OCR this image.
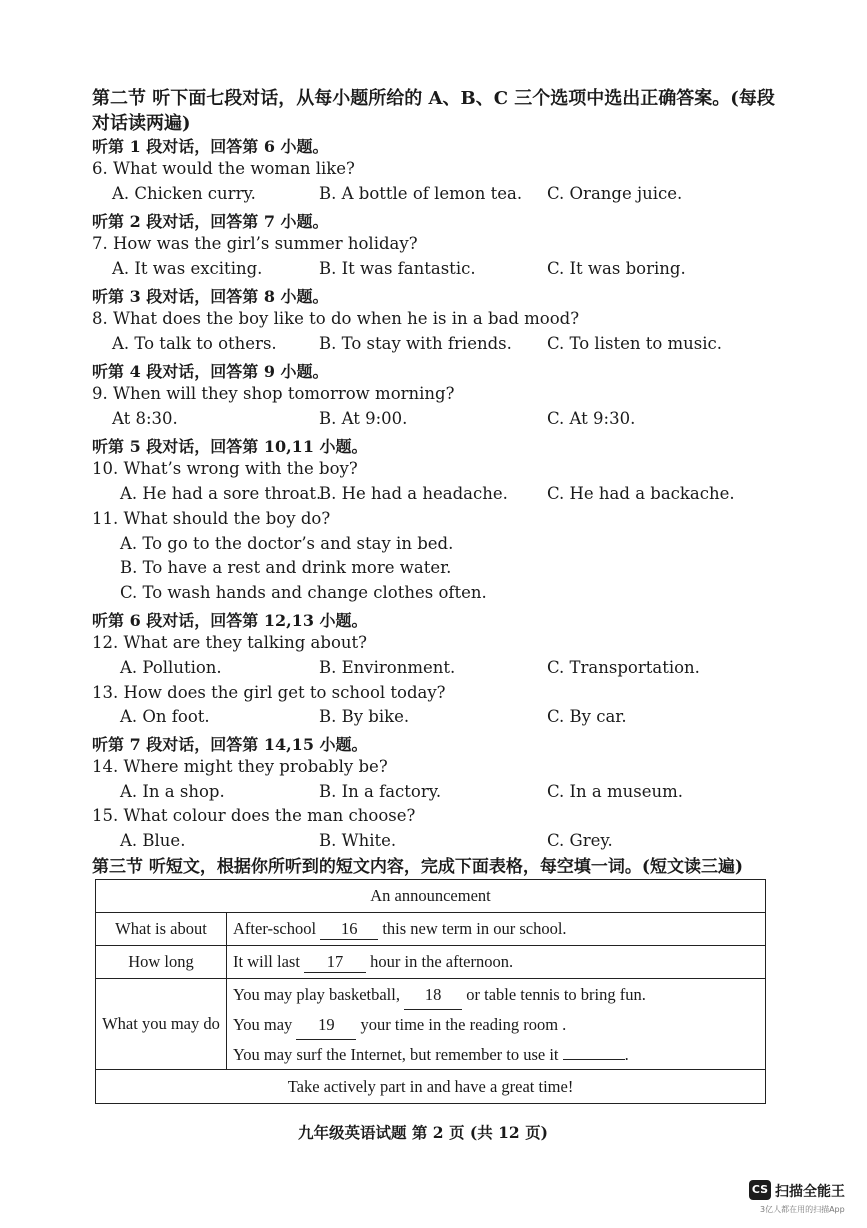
第二节 听下面七段对话，从每小题所给的 A、B、C 三个选项中选出正确答案。(每段
对话读两遍)
听第 1 段对话，回答第 6 小题。
6. What would the woman like?
A. Chicken curry.	B. A bottle of lemon tea. C. Orange juice.
听第 2 段对话，回答第 7 小题。
7. How was the girl’s summer holiday?
A. It was exciting.	B. It was fantastic.	C. It was boring.
听第 3 段对话，回答第 8 小题。
8. What does the boy like to do when he is in a bad mood?
A. To talk to others.	B. To stay with friends. C. To listen to music.
听第 4 段对话，回答第 9 小题。
9. When will they shop tomorrow morning?
At 8:30.	B. At 9:00.	C. At 9:30.
听第 5 段对话，回答第 10,11 小题。
10. What’s wrong with the boy?
A. He had a sore throat.
B. He had a headache. C. He had a backache.
11. What should the boy do?
A. To go to the doctor’s and stay in bed.
B. To have a rest and drink more water.
C. To wash hands and change clothes often.
听第 6 段对话，回答第 12,13 小题。
12. What are they talking about?
A. Pollution.	B. Environment.	C. Transportation.
13. How does the girl get to school today?
A. On foot.	B. By bike.	C. By car.
听第 7 段对话，回答第 14,15 小题。
14. Where might they probably be?
A. In a shop.	B. In a factory.	C. In a museum.
15. What colour does the man choose?
A. Blue.	B. White.	C. Grey.
第三节 听短文，根据你所听到的短文内容，完成下面表格，每空填一词。(短文读三遍)
An announcement	
What is about	After-school 16 this new term in our school.
How long	It will last 17 hour in the afternoon.
What you may do	You may play basketball, 18 or table tennis to bring fun.
You may 19 your time in the reading room .
You may surf the Internet, but remember to use it .

Take actively part in and have a great time!	
九年级英语试题 第 2 页 (共 12 页)
CS 扫描全能王
3亿人都在用的扫描App
